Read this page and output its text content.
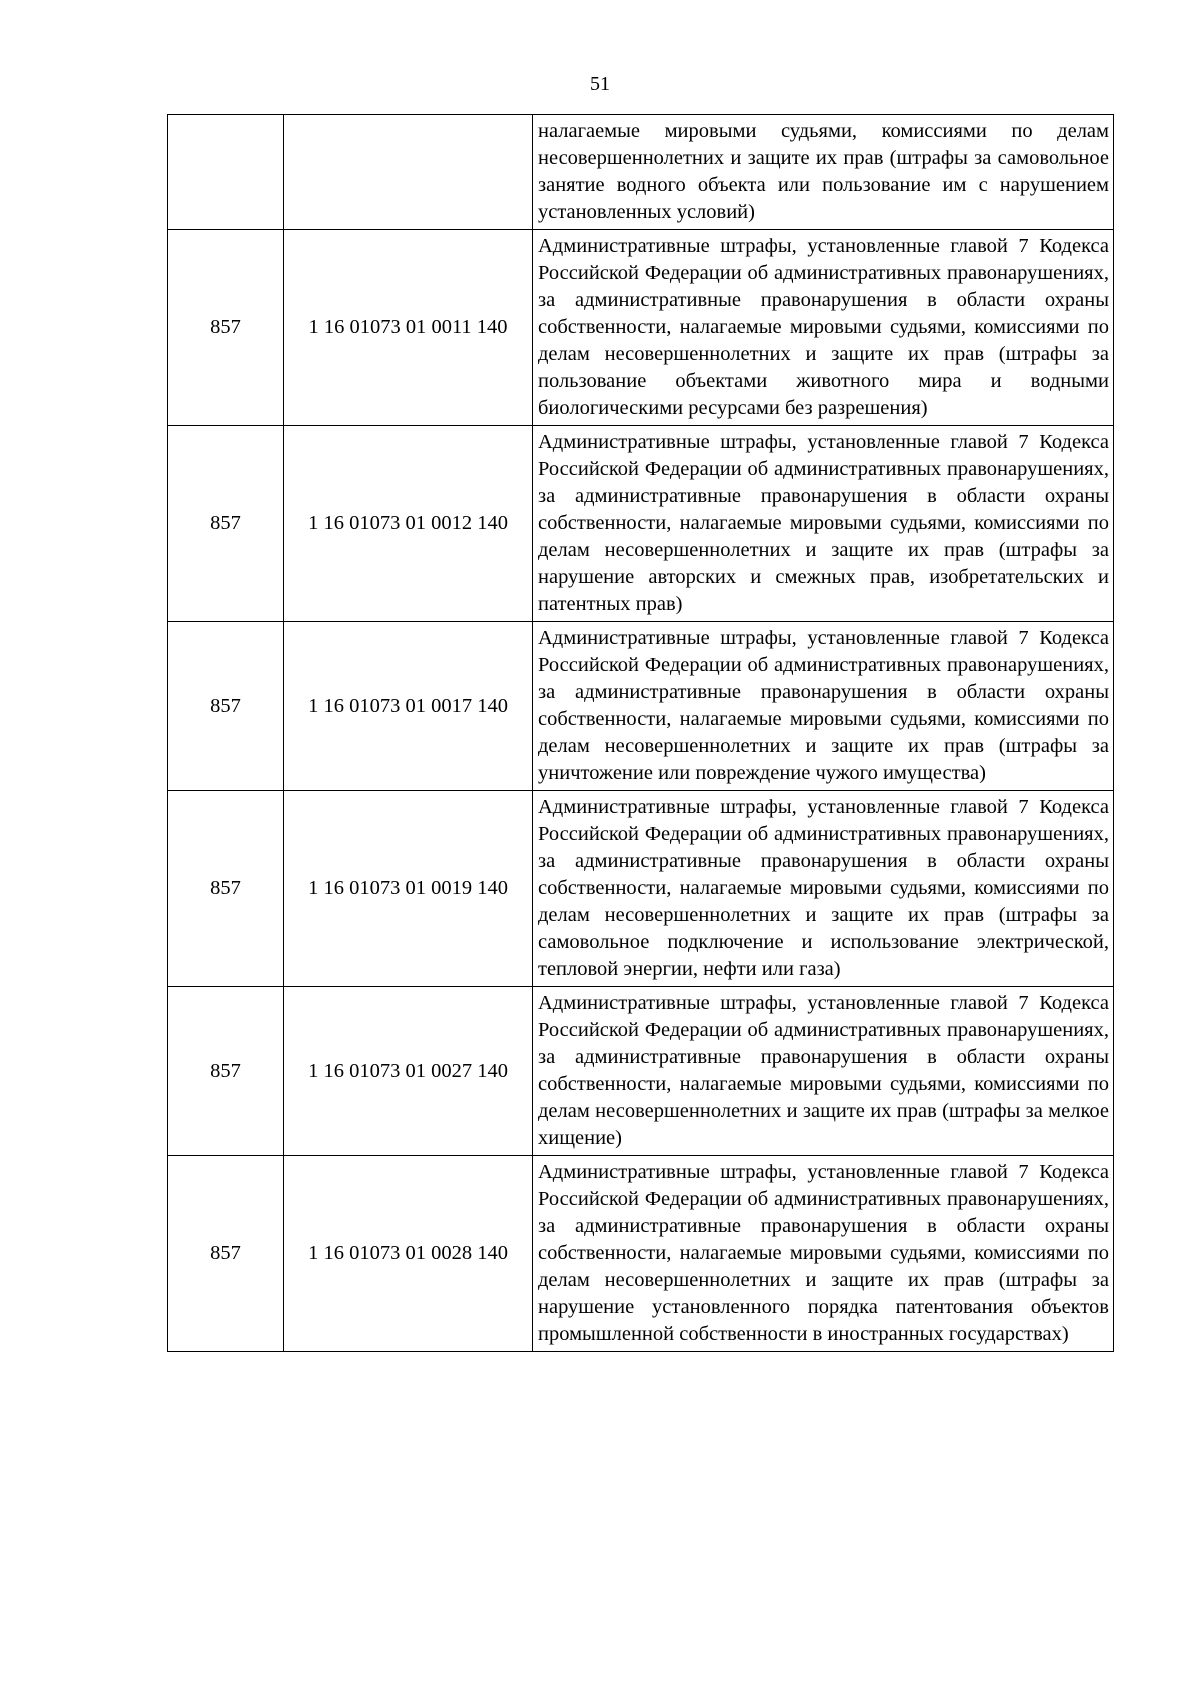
51

		налагаемые мировыми судьями, комиссиями по делам несовершеннолетних и защите их прав (штрафы за самовольное занятие водного объекта или пользование им с нарушением установленных условий)

857	1 16 01073 01 0011 140	Административные штрафы, установленные главой 7 Кодекса Российской Федерации об административных правонарушениях, за административные правонарушения в области охраны собственности, налагаемые мировыми судьями, комиссиями по делам несовершеннолетних и защите их прав (штрафы за пользование объектами животного мира и водными биологическими ресурсами без разрешения)

857	1 16 01073 01 0012 140	Административные штрафы, установленные главой 7 Кодекса Российской Федерации об административных правонарушениях, за административные правонарушения в области охраны собственности, налагаемые мировыми судьями, комиссиями по делам несовершеннолетних и защите их прав (штрафы за нарушение авторских и смежных прав, изобретательских и патентных прав)

857	1 16 01073 01 0017 140	Административные штрафы, установленные главой 7 Кодекса Российской Федерации об административных правонарушениях, за административные правонарушения в области охраны собственности, налагаемые мировыми судьями, комиссиями по делам несовершеннолетних и защите их прав (штрафы за уничтожение или повреждение чужого имущества)

857	1 16 01073 01 0019 140	Административные штрафы, установленные главой 7 Кодекса Российской Федерации об административных правонарушениях, за административные правонарушения в области охраны собственности, налагаемые мировыми судьями, комиссиями по делам несовершеннолетних и защите их прав (штрафы за самовольное подключение и использование электрической, тепловой энергии, нефти или газа)

857	1 16 01073 01 0027 140	Административные штрафы, установленные главой 7 Кодекса Российской Федерации об административных правонарушениях, за административные правонарушения в области охраны собственности, налагаемые мировыми судьями, комиссиями по делам несовершеннолетних и защите их прав (штрафы за мелкое хищение)

857	1 16 01073 01 0028 140	Административные штрафы, установленные главой 7 Кодекса Российской Федерации об административных правонарушениях, за административные правонарушения в области охраны собственности, налагаемые мировыми судьями, комиссиями по делам несовершеннолетних и защите их прав (штрафы за нарушение установленного порядка патентования объектов промышленной собственности в иностранных государствах)
